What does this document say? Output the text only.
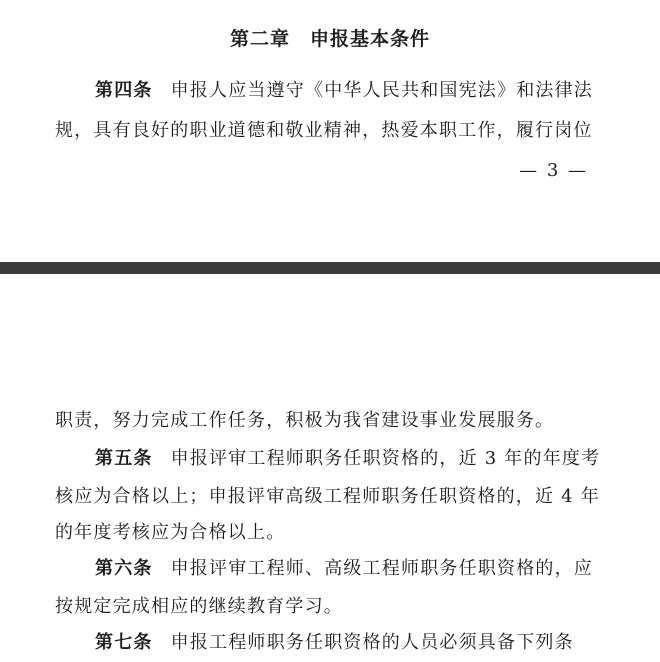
第二章　申报基本条件
第四条 申报人应当遵守《中华人民共和国宪法》和法律法
规，具有良好的职业道德和敬业精神，热爱本职工作，履行岗位
— 3 —
职责，努力完成工作任务，积极为我省建设事业发展服务。
第五条 申报评审工程师职务任职资格的，近 3 年的年度考
核应为合格以上；申报评审高级工程师职务任职资格的，近 4 年
的年度考核应为合格以上。
第六条 申报评审工程师、高级工程师职务任职资格的，应
按规定完成相应的继续教育学习。
第七条 申报工程师职务任职资格的人员必须具备下列条
